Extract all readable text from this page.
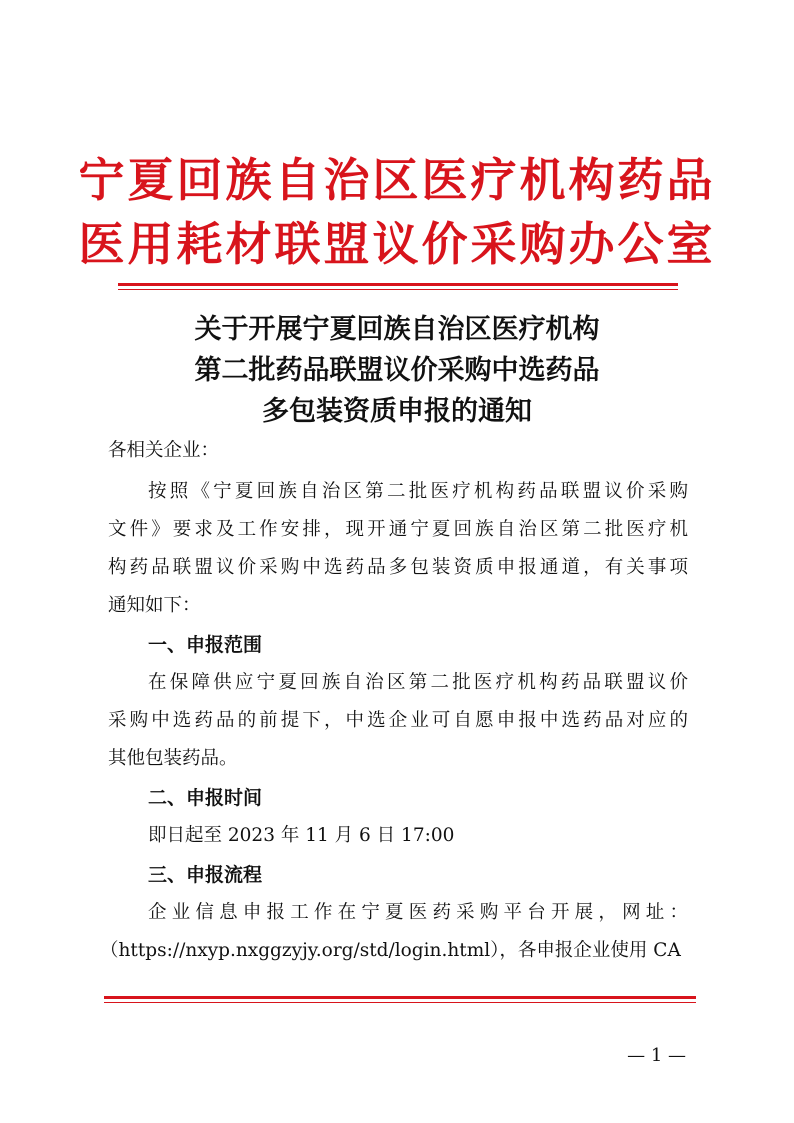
宁夏回族自治区医疗机构药品
医用耗材联盟议价采购办公室
关于开展宁夏回族自治区医疗机构
第二批药品联盟议价采购中选药品
多包装资质申报的通知
各相关企业：
按照《宁夏回族自治区第二批医疗机构药品联盟议价采购
文件》要求及工作安排，现开通宁夏回族自治区第二批医疗机
构药品联盟议价采购中选药品多包装资质申报通道，有关事项
通知如下：
一、申报范围
在保障供应宁夏回族自治区第二批医疗机构药品联盟议价
采购中选药品的前提下，中选企业可自愿申报中选药品对应的
其他包装药品。
二、申报时间
即日起至 2023 年 11 月 6 日 17:00
三、申报流程
企业信息申报工作在宁夏医药采购平台开展，网址：
（https://nxyp.nxggzyjy.org/std/login.html），各申报企业使用 CA
— 1 —
